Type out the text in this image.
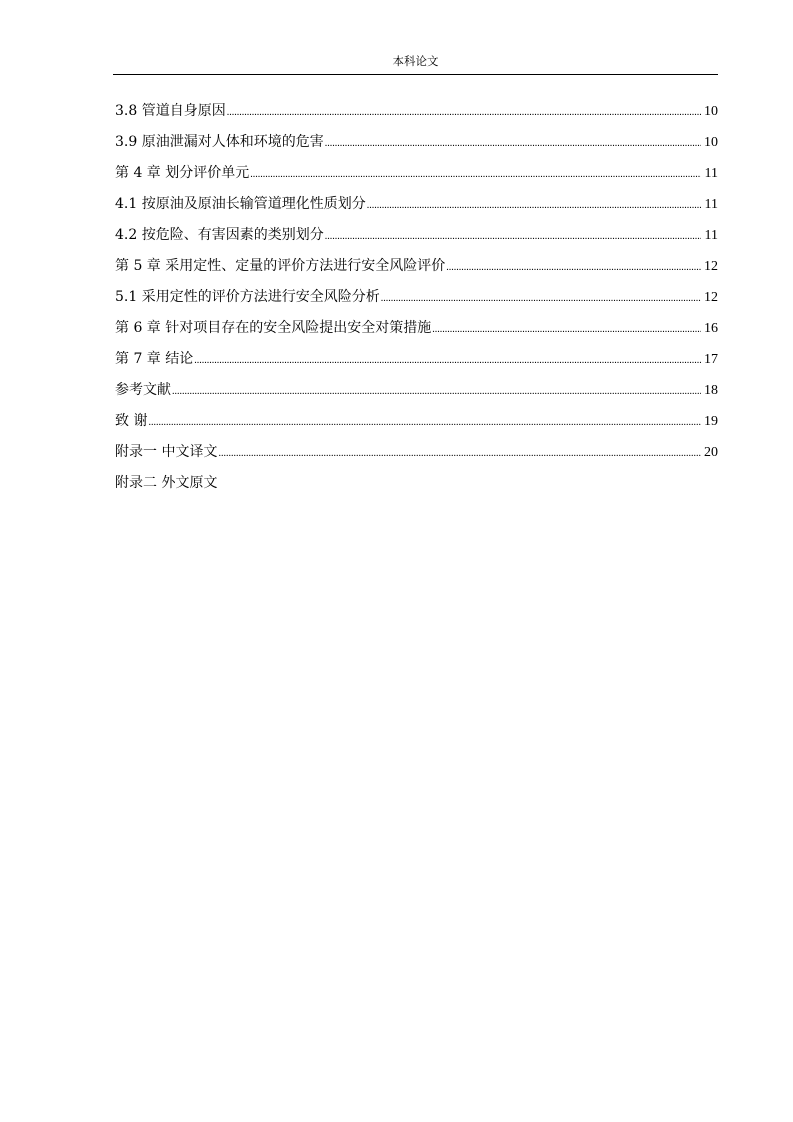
本科论文
3.8 管道自身原因 .....	10
3.9 原油泄漏对人体和环境的危害 .....	10
第 4 章 划分评价单元 .....	11
4.1 按原油及原油长输管道理化性质划分 .....	11
4.2 按危险、有害因素的类别划分 .....	11
第 5 章 采用定性、定量的评价方法进行安全风险评价 .....	12
5.1 采用定性的评价方法进行安全风险分析 .....	12
第 6 章 针对项目存在的安全风险提出安全对策措施 .....	16
第 7 章 结论 .....	17
参考文献 .....	18
致 谢 .....	19
附录一 中文译文 .....	20
附录二 外文原文
